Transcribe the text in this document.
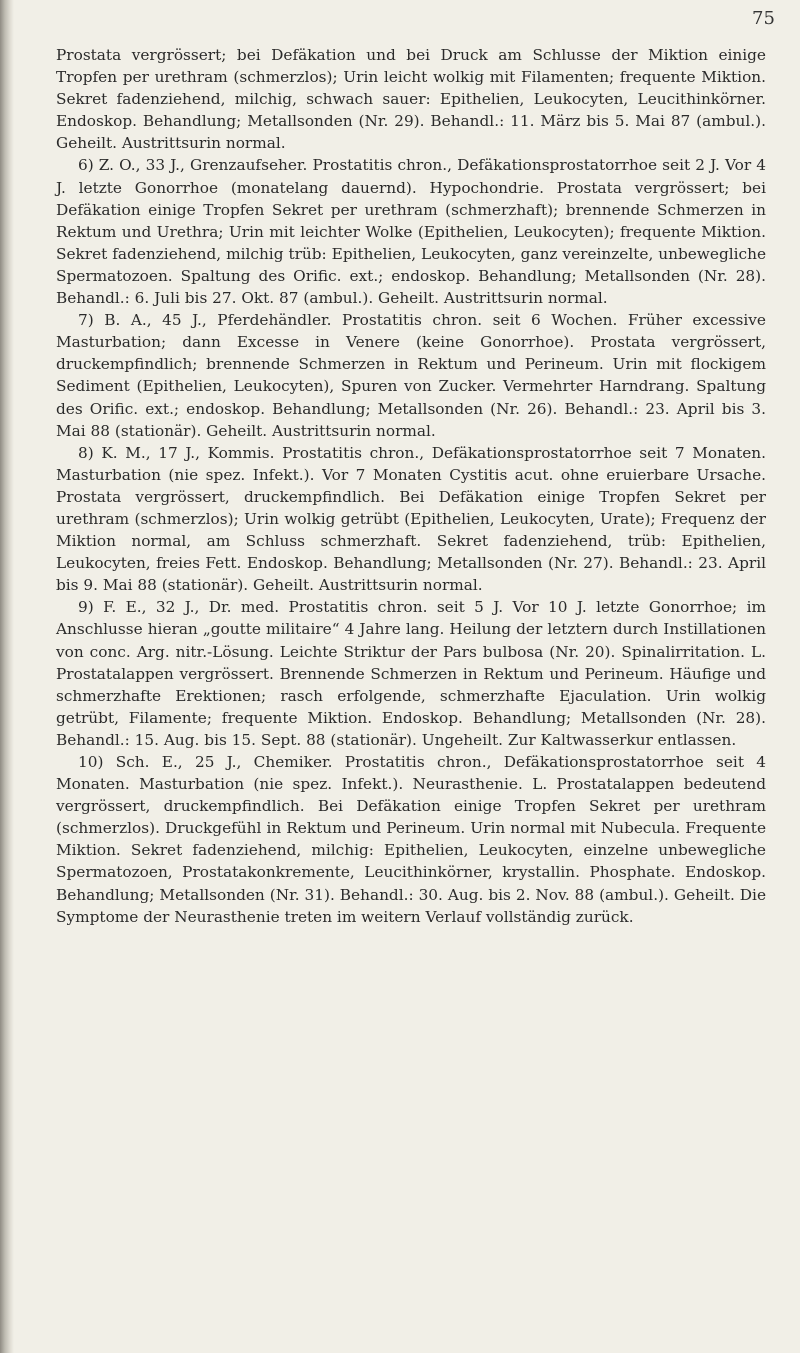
75

Prostata vergrössert; bei Defäkation und bei Druck am Schlusse der Miktion einige Tropfen per urethram (schmerzlos); Urin leicht wolkig mit Filamenten; frequente Miktion. Sekret fadenziehend, milchig, schwach sauer: Epithelien, Leukocyten, Leucithinkörner. Endoskop. Behandlung; Metallsonden (Nr. 29). Behandl.: 11. März bis 5. Mai 87 (ambul.). Geheilt. Austrittsurin normal.

6) Z. O., 33 J., Grenzaufseher. Prostatitis chron., Defäkationsprostatorrhoe seit 2 J. Vor 4 J. letzte Gonorrhoe (monatelang dauernd). Hypochondrie. Prostata vergrössert; bei Defäkation einige Tropfen Sekret per urethram (schmerzhaft); brennende Schmerzen in Rektum und Urethra; Urin mit leichter Wolke (Epithelien, Leukocyten); frequente Miktion. Sekret fadenziehend, milchig trüb: Epithelien, Leukocyten, ganz vereinzelte, unbewegliche Spermatozoen. Spaltung des Orific. ext.; endoskop. Behandlung; Metallsonden (Nr. 28). Behandl.: 6. Juli bis 27. Okt. 87 (ambul.). Geheilt. Austrittsurin normal.

7) B. A., 45 J., Pferdehändler. Prostatitis chron. seit 6 Wochen. Früher excessive Masturbation; dann Excesse in Venere (keine Gonorrhoe). Prostata vergrössert, druckempfindlich; brennende Schmerzen in Rektum und Perineum. Urin mit flockigem Sediment (Epithelien, Leukocyten), Spuren von Zucker. Vermehrter Harndrang. Spaltung des Orific. ext.; endoskop. Behandlung; Metallsonden (Nr. 26). Behandl.: 23. April bis 3. Mai 88 (stationär). Geheilt. Austrittsurin normal.

8) K. M., 17 J., Kommis. Prostatitis chron., Defäkationsprostatorrhoe seit 7 Monaten. Masturbation (nie spez. Infekt.). Vor 7 Monaten Cystitis acut. ohne eruierbare Ursache. Prostata vergrössert, druckempfindlich. Bei Defäkation einige Tropfen Sekret per urethram (schmerzlos); Urin wolkig getrübt (Epithelien, Leukocyten, Urate); Frequenz der Miktion normal, am Schluss schmerzhaft. Sekret fadenziehend, trüb: Epithelien, Leukocyten, freies Fett. Endoskop. Behandlung; Metallsonden (Nr. 27). Behandl.: 23. April bis 9. Mai 88 (stationär). Geheilt. Austrittsurin normal.

9) F. E., 32 J., Dr. med. Prostatitis chron. seit 5 J. Vor 10 J. letzte Gonorrhoe; im Anschlusse hieran „goutte militaire“ 4 Jahre lang. Heilung der letztern durch Instillationen von conc. Arg. nitr.-Lösung. Leichte Striktur der Pars bulbosa (Nr. 20). Spinalirritation. L. Prostatalappen vergrössert. Brennende Schmerzen in Rektum und Perineum. Häufige und schmerzhafte Erektionen; rasch erfolgende, schmerzhafte Ejaculation. Urin wolkig getrübt, Filamente; frequente Miktion. Endoskop. Behandlung; Metallsonden (Nr. 28). Behandl.: 15. Aug. bis 15. Sept. 88 (stationär). Ungeheilt. Zur Kaltwasserkur entlassen.

10) Sch. E., 25 J., Chemiker. Prostatitis chron., Defäkationsprostatorrhoe seit 4 Monaten. Masturbation (nie spez. Infekt.). Neurasthenie. L. Prostatalappen bedeutend vergrössert, druckempfindlich. Bei Defäkation einige Tropfen Sekret per urethram (schmerzlos). Druckgefühl in Rektum und Perineum. Urin normal mit Nubecula. Frequente Miktion. Sekret fadenziehend, milchig: Epithelien, Leukocyten, einzelne unbewegliche Spermatozoen, Prostatakonkremente, Leucithinkörner, krystallin. Phosphate. Endoskop. Behandlung; Metallsonden (Nr. 31). Behandl.: 30. Aug. bis 2. Nov. 88 (ambul.). Geheilt. Die Symptome der Neurasthenie treten im weitern Verlauf vollständig zurück.
